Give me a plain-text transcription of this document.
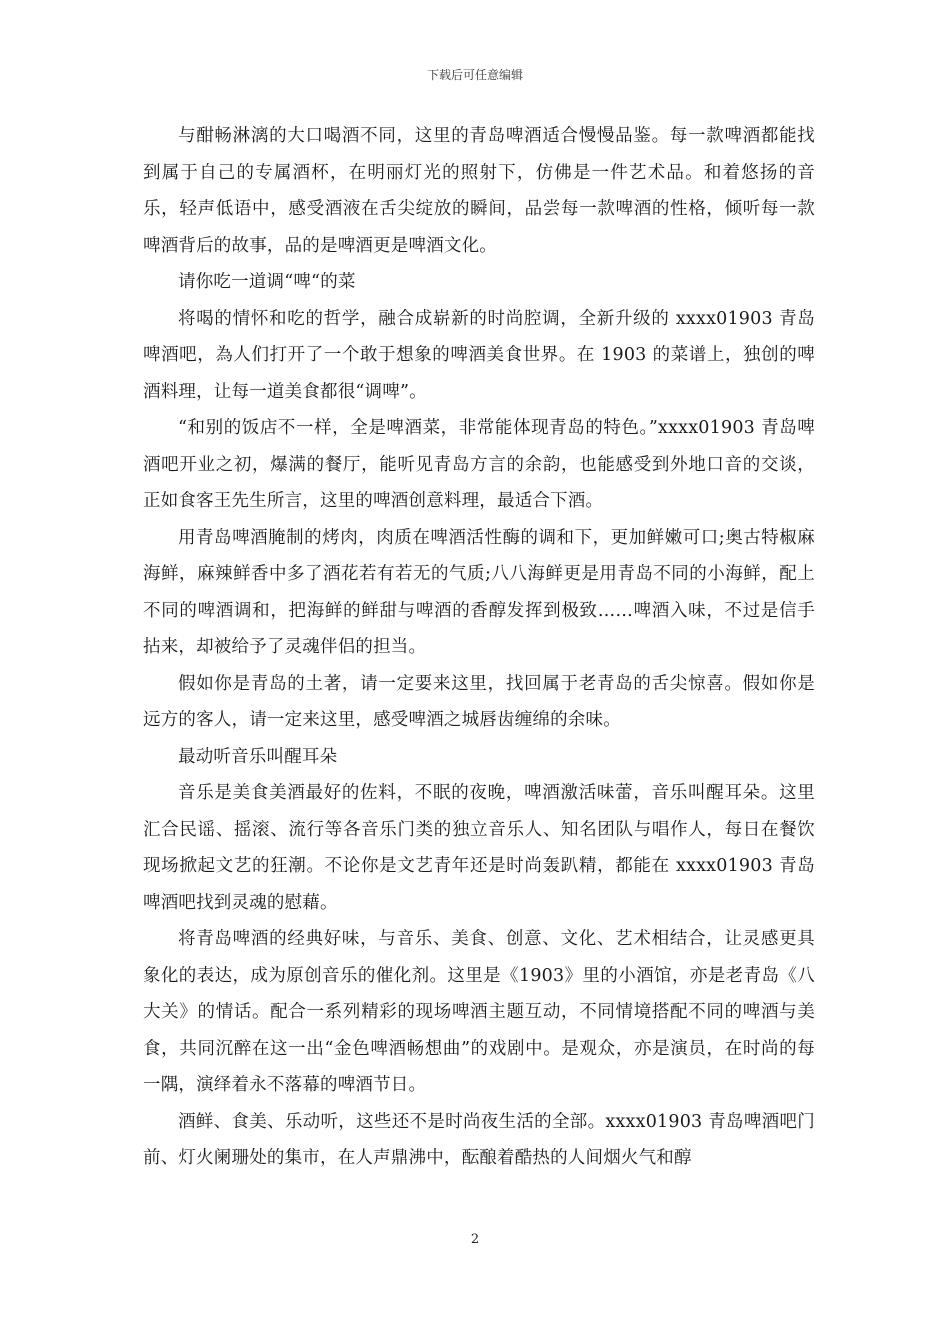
下载后可任意编辑

与酣畅淋漓的大口喝酒不同，这里的青岛啤酒适合慢慢品鉴。每一款啤酒都能找到属于自己的专属酒杯，在明丽灯光的照射下，仿佛是一件艺术品。和着悠扬的音乐，轻声低语中，感受酒液在舌尖绽放的瞬间，品尝每一款啤酒的性格，倾听每一款啤酒背后的故事，品的是啤酒更是啤酒文化。

请你吃一道调“啤“的菜

将喝的情怀和吃的哲学，融合成崭新的时尚腔调，全新升级的 xxxx01903 青岛啤酒吧，為人们打开了一个敢于想象的啤酒美食世界。在 1903 的菜谱上，独创的啤酒料理，让每一道美食都很“调啤”。

“和别的饭店不一样，全是啤酒菜，非常能体现青岛的特色。”xxxx01903 青岛啤酒吧开业之初，爆满的餐厅，能听见青岛方言的余韵，也能感受到外地口音的交谈，正如食客王先生所言，这里的啤酒创意料理，最适合下酒。

用青岛啤酒腌制的烤肉，肉质在啤酒活性酶的调和下，更加鲜嫩可口;奥古特椒麻海鲜，麻辣鲜香中多了酒花若有若无的气质;八八海鲜更是用青岛不同的小海鲜，配上不同的啤酒调和，把海鲜的鲜甜与啤酒的香醇发挥到极致……啤酒入味，不过是信手拈来，却被给予了灵魂伴侣的担当。

假如你是青岛的土著，请一定要来这里，找回属于老青岛的舌尖惊喜。假如你是远方的客人，请一定来这里，感受啤酒之城唇齿缠绵的余味。

最动听音乐叫醒耳朵

音乐是美食美酒最好的佐料，不眠的夜晚，啤酒激活味蕾，音乐叫醒耳朵。这里汇合民谣、摇滚、流行等各音乐门类的独立音乐人、知名团队与唱作人，每日在餐饮现场掀起文艺的狂潮。不论你是文艺青年还是时尚轰趴精，都能在 xxxx01903 青岛啤酒吧找到灵魂的慰藉。

将青岛啤酒的经典好味，与音乐、美食、创意、文化、艺术相结合，让灵感更具象化的表达，成为原创音乐的催化剂。这里是《1903》里的小酒馆，亦是老青岛《八大关》的情话。配合一系列精彩的现场啤酒主题互动，不同情境搭配不同的啤酒与美食，共同沉醉在这一出“金色啤酒畅想曲”的戏剧中。是观众，亦是演员，在时尚的每一隅，演绎着永不落幕的啤酒节日。

酒鲜、食美、乐动听，这些还不是时尚夜生活的全部。xxxx01903 青岛啤酒吧门前、灯火阑珊处的集市，在人声鼎沸中，酝酿着酷热的人间烟火气和醇

2
